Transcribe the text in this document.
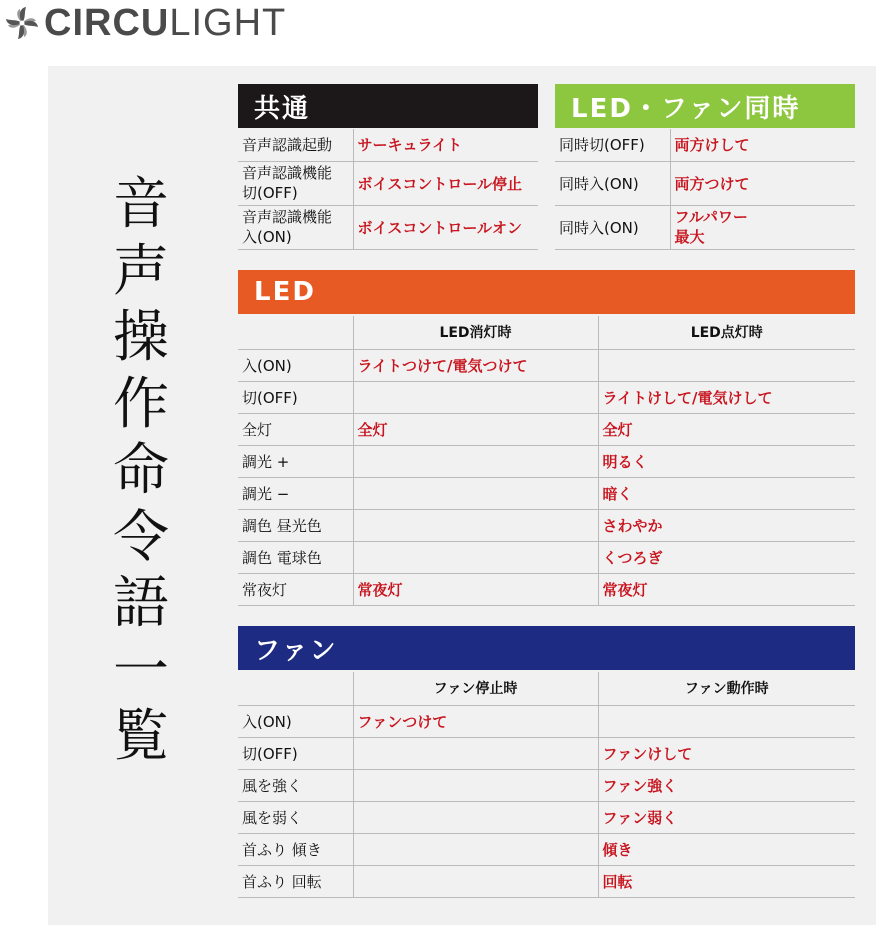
CIRCULIGHT
音
声
操
作
命
令
語
一
覧
共通
音声認識起動	サーキュライト
音声認識機能
切(OFF)	ボイスコントロール停止
音声認識機能
入(ON)	ボイスコントロールオン
LED・ファン同時
同時切(OFF)	両方けして
同時入(ON)	両方つけて
同時入(ON)	フルパワー
最大
LED
	LED消灯時	LED点灯時
入(ON)	ライトつけて/電気つけて	
切(OFF)		ライトけして/電気けして
全灯	全灯	全灯
調光 +		明るく
調光 −		暗く
調色 昼光色		さわやか
調色 電球色		くつろぎ
常夜灯	常夜灯	常夜灯
ファン
	ファン停止時	ファン動作時
入(ON)	ファンつけて	
切(OFF)		ファンけして
風を強く		ファン強く
風を弱く		ファン弱く
首ふり 傾き		傾き
首ふり 回転		回転
